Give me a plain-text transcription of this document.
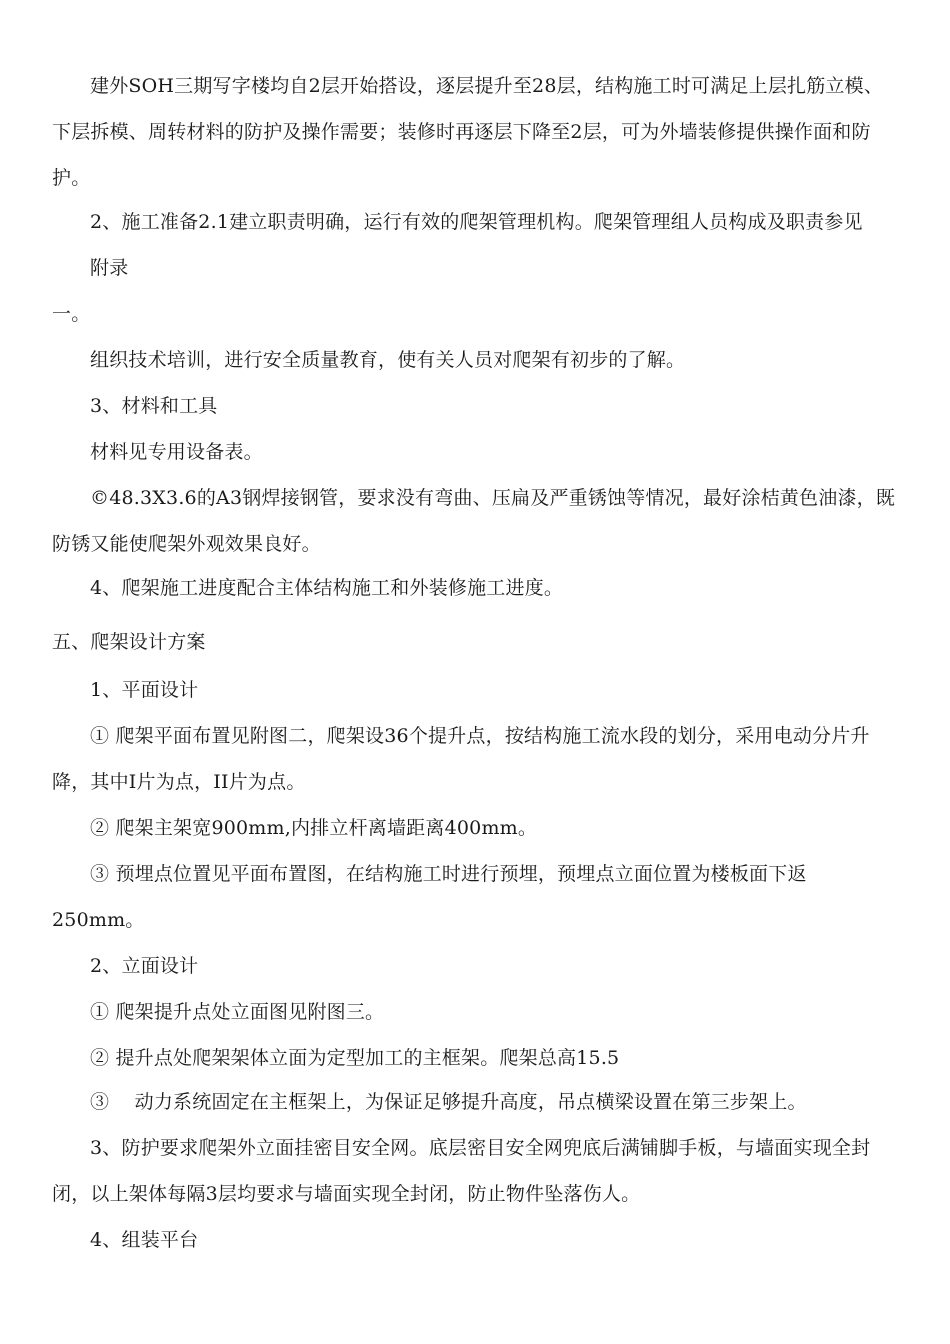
建外SOH三期写字楼均自2层开始搭设，逐层提升至28层，结构施工时可满足上层扎筋立模、
下层拆模、周转材料的防护及操作需要；装修时再逐层下降至2层，可为外墙装修提供操作面和防
护。
2、施工准备2.1建立职责明确，运行有效的爬架管理机构。爬架管理组人员构成及职责参见
附录
一。
组织技术培训，进行安全质量教育，使有关人员对爬架有初步的了解。
3、材料和工具
材料见专用设备表。
©48.3X3.6的A3钢焊接钢管，要求没有弯曲、压扁及严重锈蚀等情况，最好涂桔黄色油漆，既
防锈又能使爬架外观效果良好。
4、爬架施工进度配合主体结构施工和外装修施工进度。
五、爬架设计方案
1、平面设计
① 爬架平面布置见附图二，爬架设36个提升点，按结构施工流水段的划分，采用电动分片升
降，其中I片为点，II片为点。
② 爬架主架宽900mm,内排立杆离墙距离400mm。
③ 预埋点位置见平面布置图，在结构施工时进行预埋，预埋点立面位置为楼板面下返
250mm。
2、立面设计
① 爬架提升点处立面图见附图三。
② 提升点处爬架架体立面为定型加工的主框架。爬架总高15.5
③　 动力系统固定在主框架上，为保证足够提升高度，吊点横梁设置在第三步架上。
3、防护要求爬架外立面挂密目安全网。底层密目安全网兜底后满铺脚手板，与墙面实现全封
闭，以上架体每隔3层均要求与墙面实现全封闭，防止物件坠落伤人。
4、组装平台
